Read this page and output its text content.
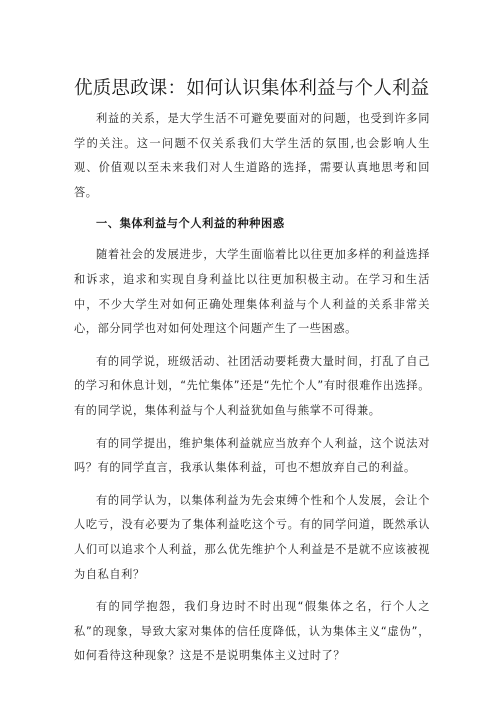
优质思政课：如何认识集体利益与个人利益

利益的关系，是大学生活不可避免要面对的问题，也受到许多同学的关注。这一问题不仅关系我们大学生活的氛围,也会影响人生观、价值观以至未来我们对人生道路的选择，需要认真地思考和回答。

一、集体利益与个人利益的种种困惑

随着社会的发展进步，大学生面临着比以往更加多样的利益选择和诉求，追求和实现自身利益比以往更加积极主动。在学习和生活中，不少大学生对如何正确处理集体利益与个人利益的关系非常关心，部分同学也对如何处理这个问题产生了一些困惑。

有的同学说，班级活动、社团活动要耗费大量时间，打乱了自己的学习和休息计划，“先忙集体”还是“先忙个人”有时很难作出选择。有的同学说，集体利益与个人利益犹如鱼与熊掌不可得兼。

有的同学提出，维护集体利益就应当放弃个人利益，这个说法对吗？有的同学直言，我承认集体利益，可也不想放弃自己的利益。

有的同学认为，以集体利益为先会束缚个性和个人发展，会让个人吃亏，没有必要为了集体利益吃这个亏。有的同学问道，既然承认人们可以追求个人利益，那么优先维护个人利益是不是就不应该被视为自私自利？

有的同学抱怨，我们身边时不时出现“假集体之名，行个人之私”的现象，导致大家对集体的信任度降低，认为集体主义“虚伪”，如何看待这种现象？这是不是说明集体主义过时了？
